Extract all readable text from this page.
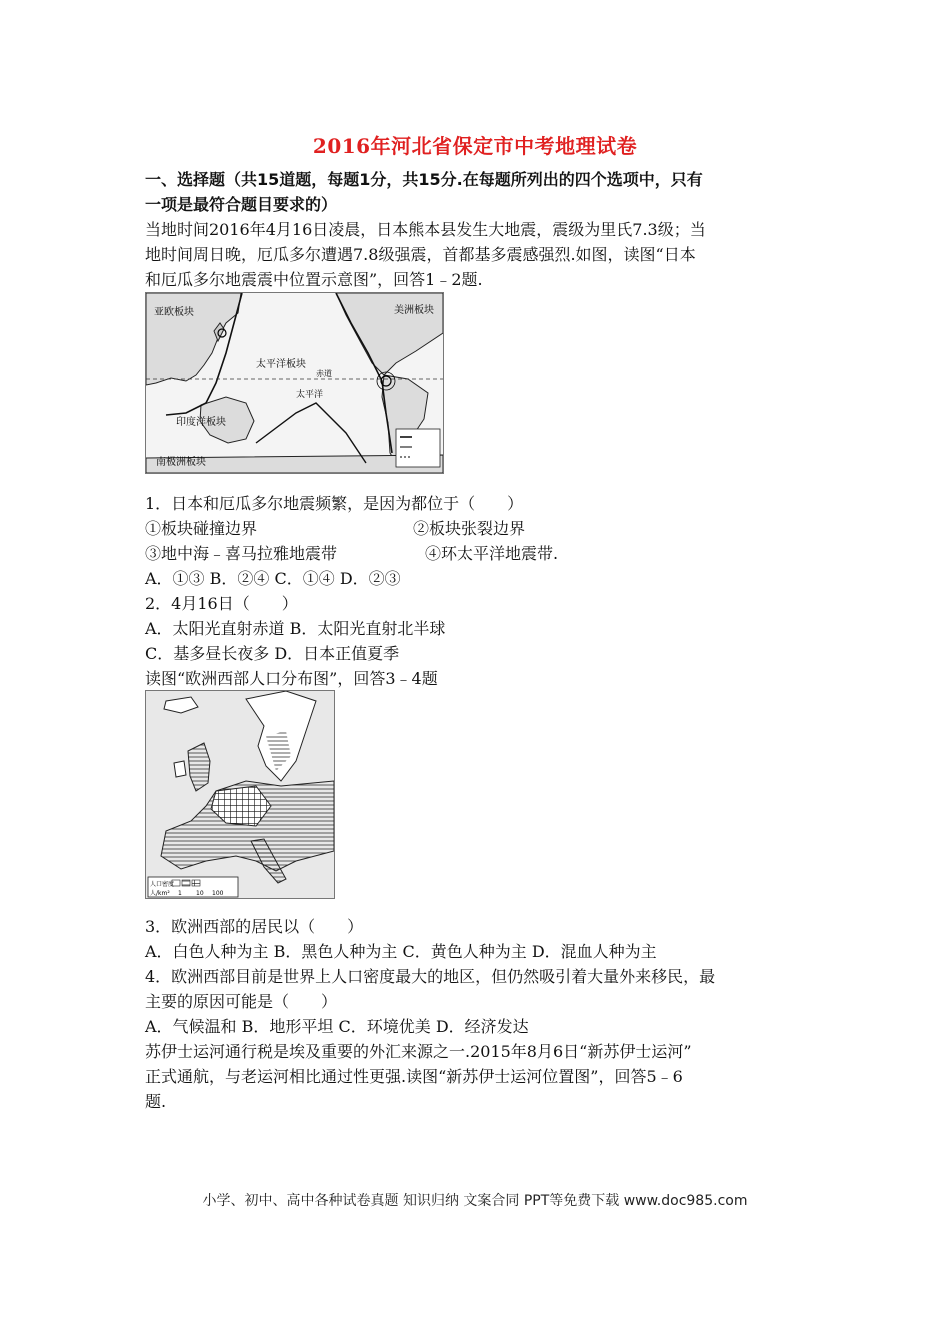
2016年河北省保定市中考地理试卷
一、选择题（共15道题，每题1分，共15分.在每题所列出的四个选项中，只有
一项是最符合题目要求的）
当地时间2016年4月16日凌晨，日本熊本县发生大地震，震级为里氏7.3级；当
地时间周日晚，厄瓜多尔遭遇7.8级强震，首都基多震感强烈.如图，读图“日本
和厄瓜多尔地震震中位置示意图”，回答1﹣2题.
亚欧板块
太平洋板块
印度洋板块
南极洲板块
美洲板块
太平洋
赤道
1．日本和厄瓜多尔地震频繁，是因为都位于（　　）
①板块碰撞边界	②板块张裂边界
③地中海﹣喜马拉雅地震带	④环太平洋地震带.
A．①③ B．②④ C．①④ D．②③
2．4月16日（　　）
A．太阳光直射赤道 B．太阳光直射北半球
C．基多昼长夜多 D．日本正值夏季
读图“欧洲西部人口分布图”，回答3﹣4题
人口密度
人/km² 1 10 100
3．欧洲西部的居民以（　　）
A．白色人种为主 B．黑色人种为主 C．黄色人种为主 D．混血人种为主
4．欧洲西部目前是世界上人口密度最大的地区，但仍然吸引着大量外来移民，最
主要的原因可能是（　　）
A．气候温和 B．地形平坦 C．环境优美 D．经济发达
苏伊士运河通行税是埃及重要的外汇来源之一.2015年8月6日“新苏伊士运河”
正式通航，与老运河相比通过性更强.读图“新苏伊士运河位置图”，回答5﹣6
题.
小学、初中、高中各种试卷真题 知识归纳 文案合同 PPT等免费下载 www.doc985.com
